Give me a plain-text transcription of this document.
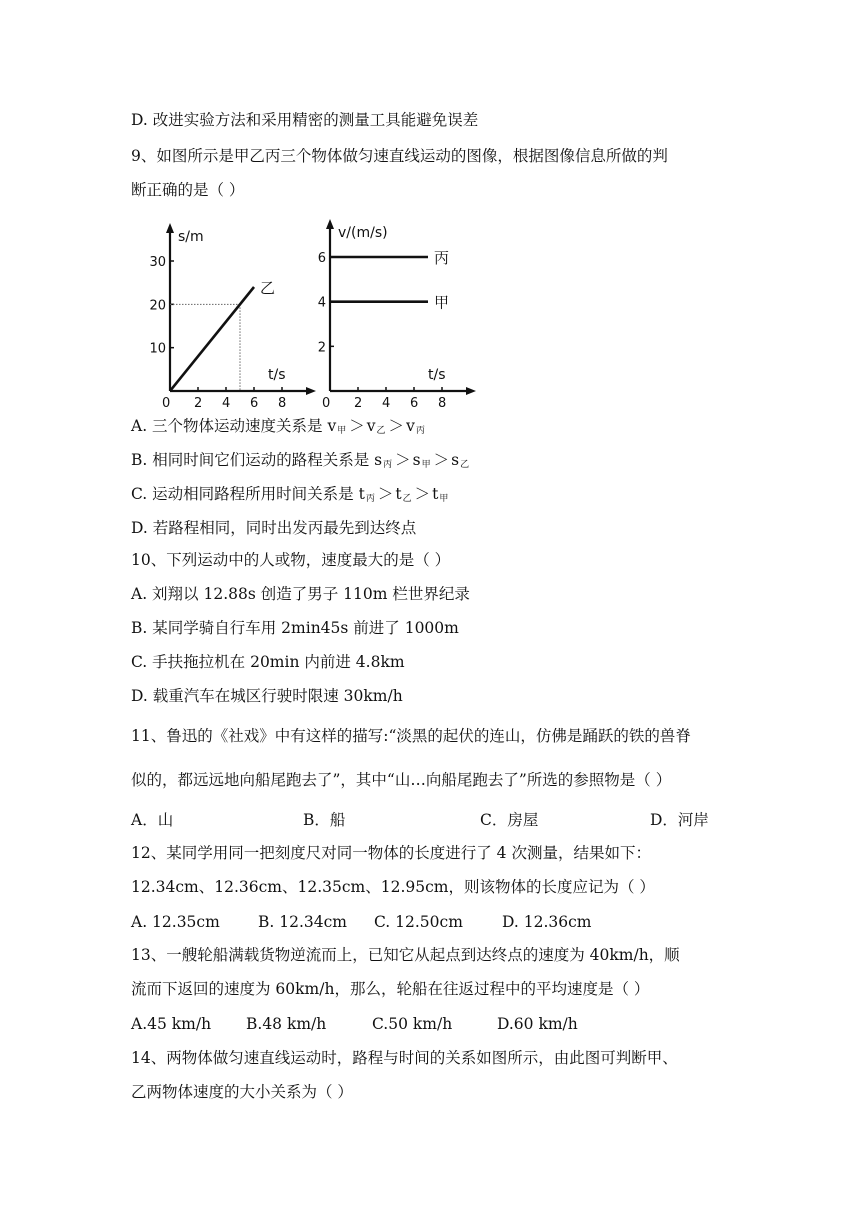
D. 改进实验方法和采用精密的测量工具能避免误差
9、如图所示是甲乙丙三个物体做匀速直线运动的图像，根据图像信息所做的判
断正确的是（ ）
s/m
t/s
0 2 4 6 8
10
20
30
乙
v/(m/s)
t/s
0 2 4 6 8
2
4
6	丙
甲
A. 三个物体运动速度关系是 $v_甲 > v_乙 > v_丙$
B. 相同时间它们运动的路程关系是 $s_丙 > s_甲 > s_乙$
C. 运动相同路程所用时间关系是 $t_丙 > t_乙 > t_甲$
D. 若路程相同，同时出发丙最先到达终点
10、下列运动中的人或物，速度最大的是（ ）
A. 刘翔以 12.88s 创造了男子 110m 栏世界纪录
B. 某同学骑自行车用 2min45s 前进了 1000m
C. 手扶拖拉机在 20min 内前进 4.8km
D. 载重汽车在城区行驶时限速 30km/h
11、鲁迅的《社戏》中有这样的描写:“淡黑的起伏的连山，仿佛是踊跃的铁的兽脊
似的，都远远地向船尾跑去了”，其中“山…向船尾跑去了”所选的参照物是（ ）
A．山	B．船	C．房屋	D．河岸
12、某同学用同一把刻度尺对同一物体的长度进行了 4 次测量，结果如下：
12.34cm、12.36cm、12.35cm、12.95cm，则该物体的长度应记为（ ）
A. 12.35cm B. 12.34cm C. 12.50cm	D. 12.36cm
13、一艘轮船满载货物逆流而上，已知它从起点到达终点的速度为 40km/h，顺
流而下返回的速度为 60km/h，那么，轮船在往返过程中的平均速度是（ ）
A.45 km/h B.48 km/h	C.50 km/h	D.60 km/h
14、两物体做匀速直线运动时，路程与时间的关系如图所示，由此图可判断甲、
乙两物体速度的大小关系为（ ）
